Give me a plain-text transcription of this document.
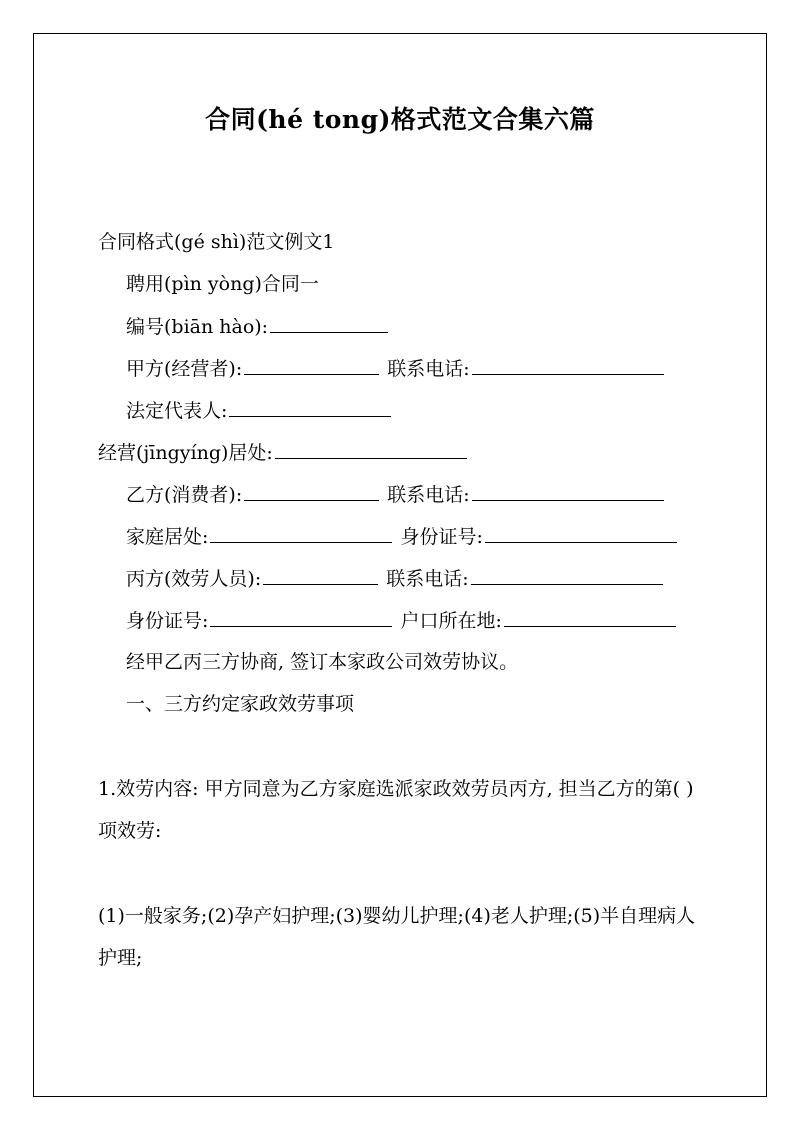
合同(hé tong)格式范文合集六篇
合同格式(gé shì)范文例文1
聘用(pìn yòng)合同一
编号(biān hào):
甲方(经营者):	联系电话:
法定代表人:
经营(jīngyíng)居处:
乙方(消费者):	联系电话:
家庭居处:	身份证号:
丙方(效劳人员):	联系电话:
身份证号:	户口所在地:
经甲乙丙三方协商, 签订本家政公司效劳协议。
一、三方约定家政效劳事项
1.效劳内容: 甲方同意为乙方家庭选派家政效劳员丙方, 担当乙方的第( )项效劳:
(1)一般家务;(2)孕产妇护理;(3)婴幼儿护理;(4)老人护理;(5)半自理病人护理;
